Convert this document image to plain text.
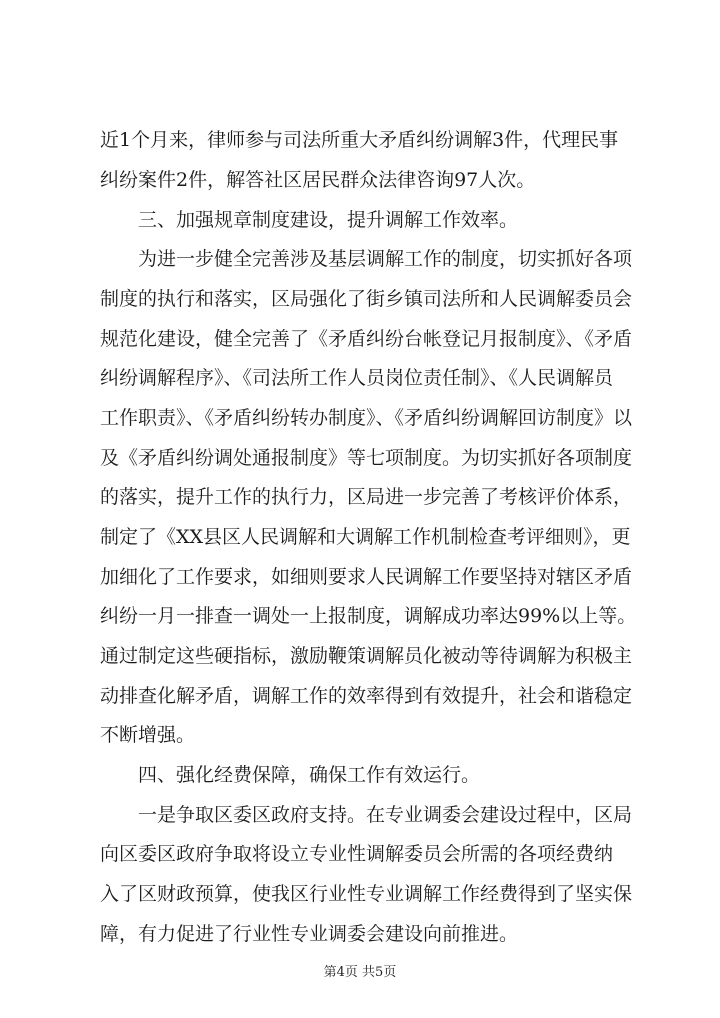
近1个月来，律师参与司法所重大矛盾纠纷调解3件，代理民事
纠纷案件2件，解答社区居民群众法律咨询97人次。
　　三、加强规章制度建设，提升调解工作效率。
　　为进一步健全完善涉及基层调解工作的制度，切实抓好各项
制度的执行和落实，区局强化了街乡镇司法所和人民调解委员会
规范化建设，健全完善了《矛盾纠纷台帐登记月报制度》、《矛盾
纠纷调解程序》、《司法所工作人员岗位责任制》、《人民调解员
工作职责》、《矛盾纠纷转办制度》、《矛盾纠纷调解回访制度》以
及《矛盾纠纷调处通报制度》等七项制度。为切实抓好各项制度
的落实，提升工作的执行力，区局进一步完善了考核评价体系，
制定了《XX县区人民调解和大调解工作机制检查考评细则》，更
加细化了工作要求，如细则要求人民调解工作要坚持对辖区矛盾
纠纷一月一排查一调处一上报制度，调解成功率达99%以上等。
通过制定这些硬指标，激励鞭策调解员化被动等待调解为积极主
动排查化解矛盾，调解工作的效率得到有效提升，社会和谐稳定
不断增强。
　　四、强化经费保障，确保工作有效运行。
　　一是争取区委区政府支持。在专业调委会建设过程中，区局
向区委区政府争取将设立专业性调解委员会所需的各项经费纳
入了区财政预算，使我区行业性专业调解工作经费得到了坚实保
障，有力促进了行业性专业调委会建设向前推进。
第4页 共5页
